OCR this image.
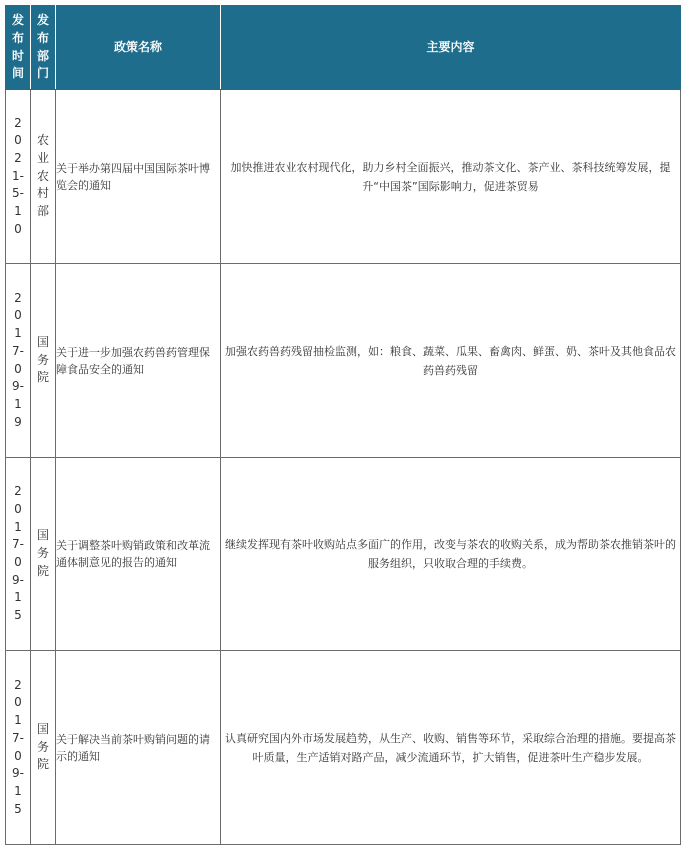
发布时间	发布部门	政策名称	主要内容

2021-5-10	农业农村部	关于举办第四届中国国际茶叶博览会的通知	加快推进农业农村现代化，助力乡村全面振兴，推动茶文化、茶产业、茶科技统筹发展，提升“中国茶”国际影响力，促进茶贸易

2017-09-19	国务院	关于进一步加强农药兽药管理保障食品安全的通知	加强农药兽药残留抽检监测，如：粮食、蔬菜、瓜果、畜禽肉、鲜蛋、奶、茶叶及其他食品农药兽药残留

2017-09-15	国务院	关于调整茶叶购销政策和改革流通体制意见的报告的通知	继续发挥现有茶叶收购站点多面广的作用，改变与茶农的收购关系，成为帮助茶农推销茶叶的服务组织，只收取合理的手续费。

2017-09-15	国务院	关于解决当前茶叶购销问题的请示的通知	认真研究国内外市场发展趋势，从生产、收购、销售等环节，采取综合治理的措施。要提高茶叶质量，生产适销对路产品，减少流通环节，扩大销售，促进茶叶生产稳步发展。
